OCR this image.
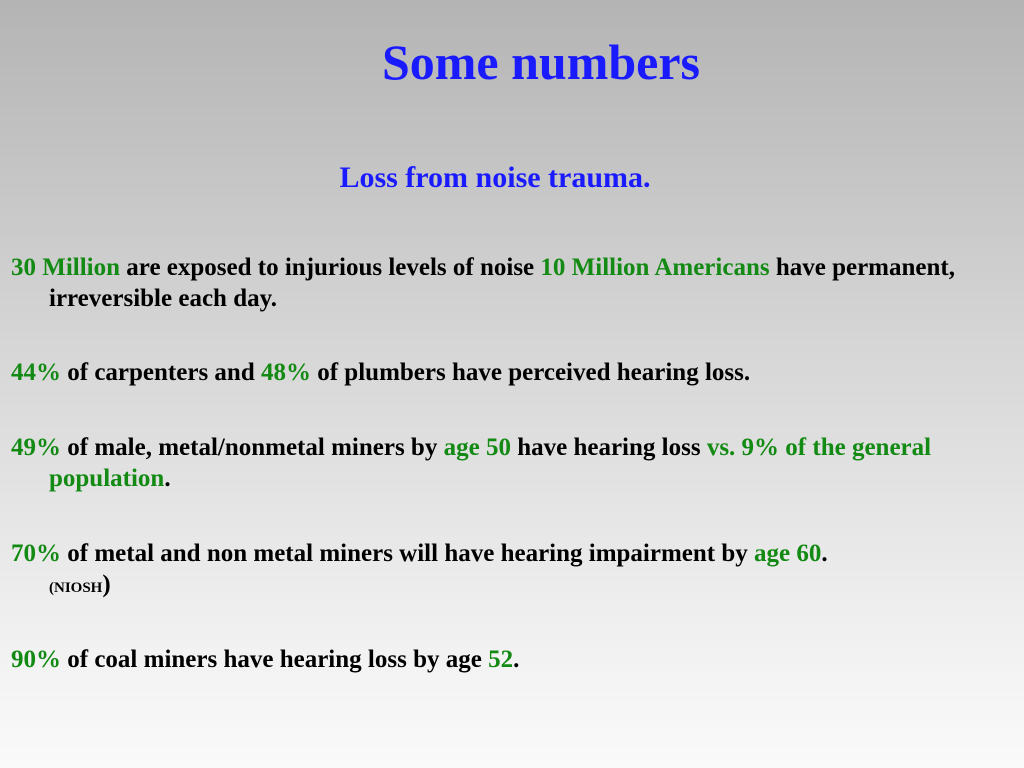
Some numbers
Loss from noise trauma.

30 Million are exposed to injurious levels of noise 10 Million Americans have permanent, irreversible each day.

44% of carpenters and 48% of plumbers have perceived hearing loss.

49% of male, metal/nonmetal miners by age 50 have hearing loss vs. 9% of the general population.

70% of metal and non metal miners will have hearing impairment by age 60.
(NIOSH)

90% of coal miners have hearing loss by age 52.
